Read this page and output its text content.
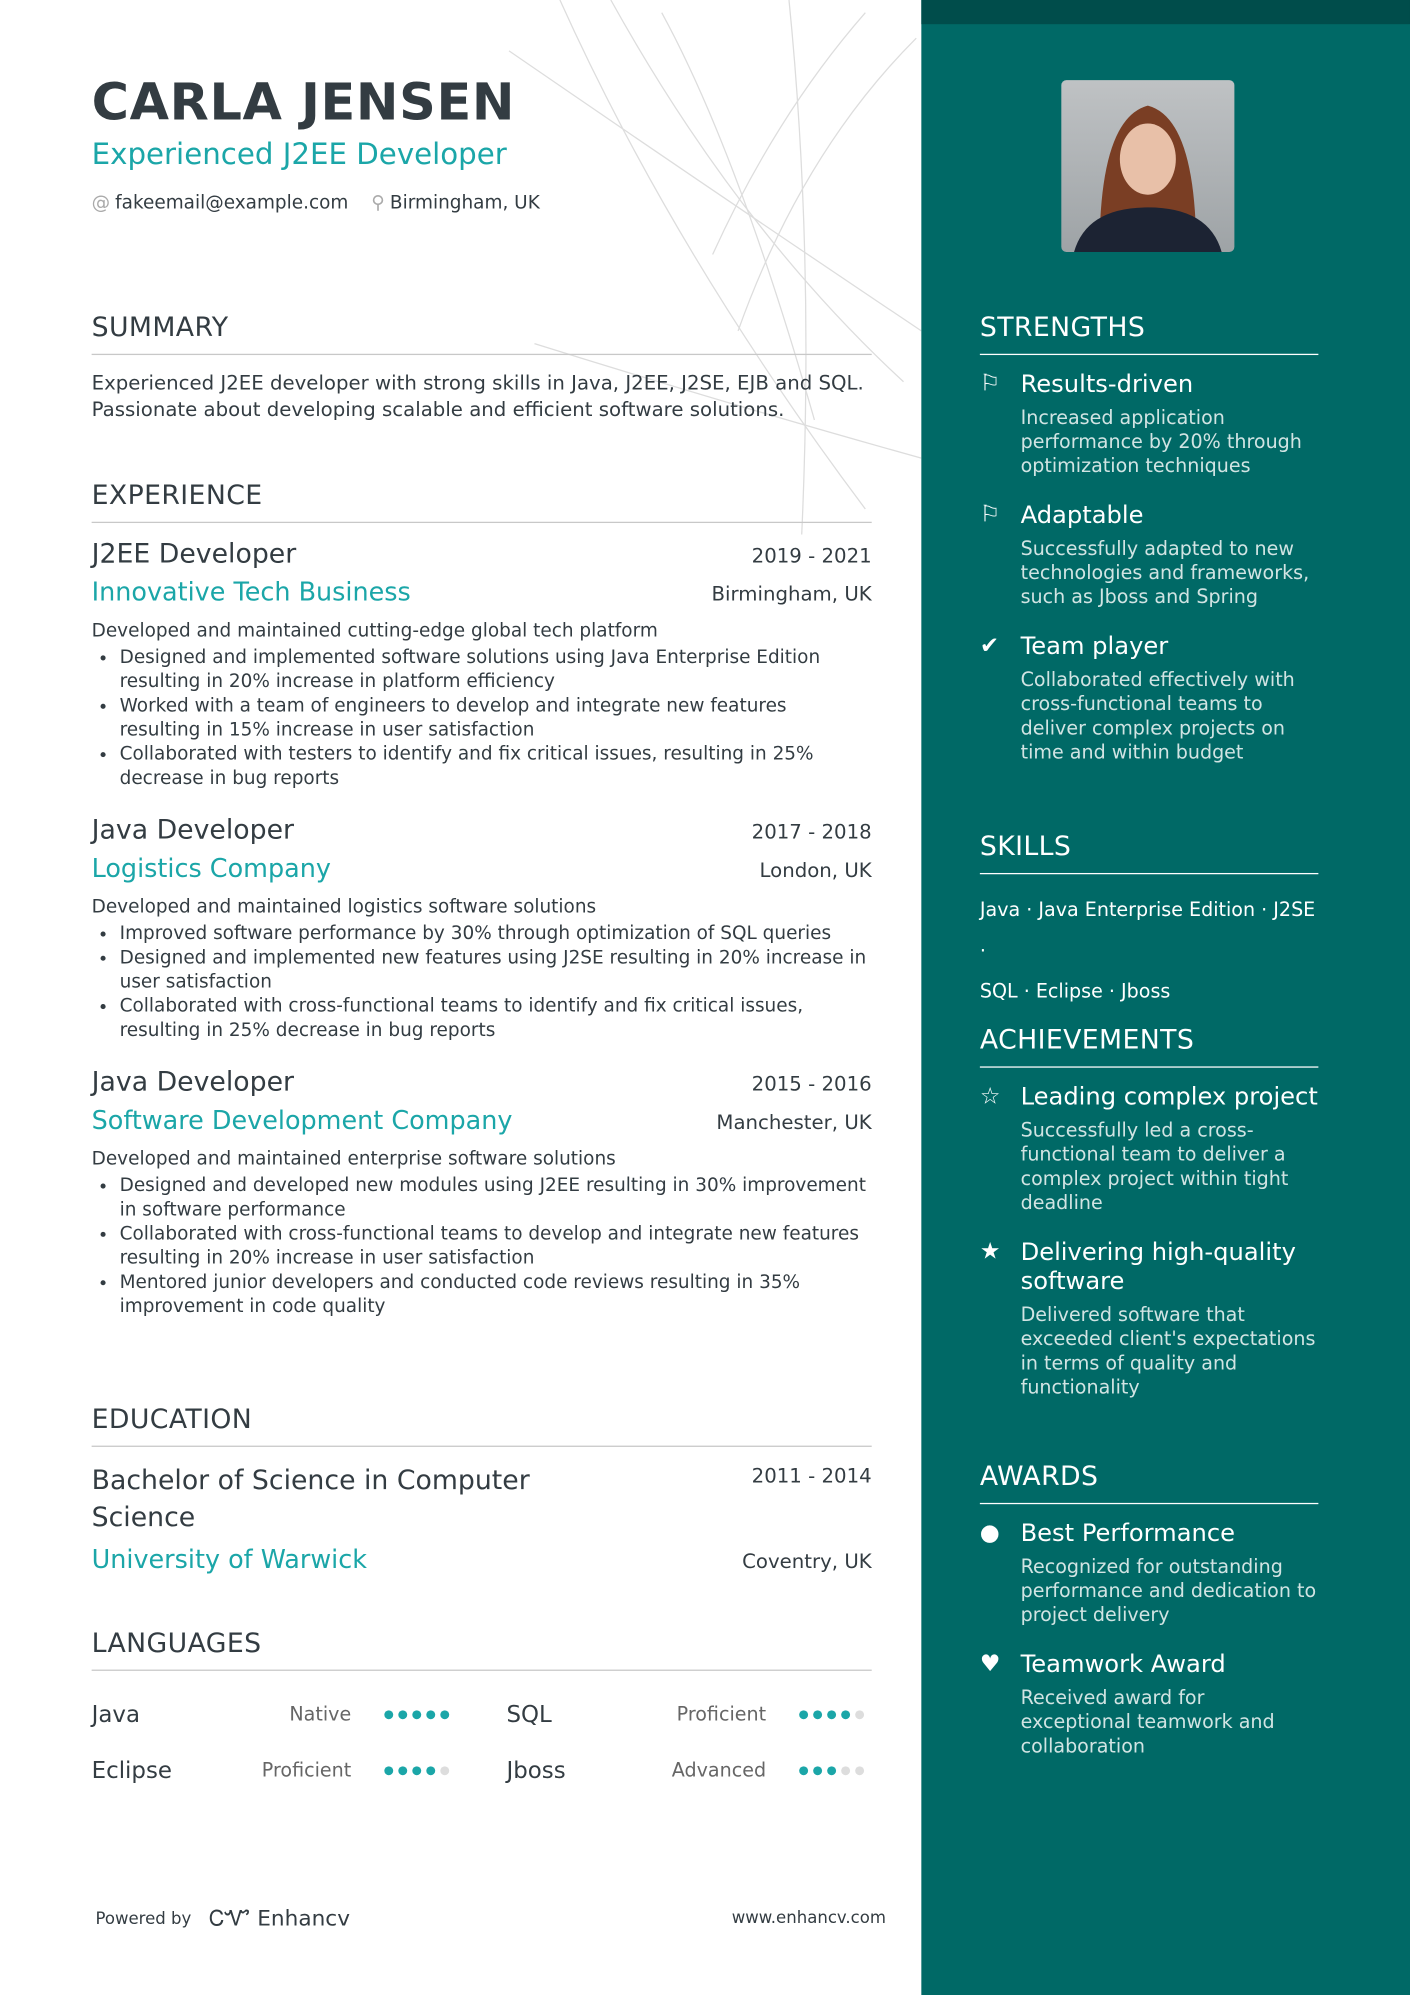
CARLA JENSEN
Experienced J2EE Developer
@ fakeemail@example.com ⚲ Birmingham, UK
SUMMARY
Experienced J2EE developer with strong skills in Java, J2EE, J2SE, EJB and SQL. Passionate about developing scalable and efficient software solutions.
EXPERIENCE
J2EE Developer	2019 - 2021
Innovative Tech Business	Birmingham, UK
Developed and maintained cutting-edge global tech platform
• Designed and implemented software solutions using Java Enterprise Edition resulting in 20% increase in platform efficiency
• Worked with a team of engineers to develop and integrate new features resulting in 15% increase in user satisfaction
• Collaborated with testers to identify and fix critical issues, resulting in 25% decrease in bug reports
Java Developer	2017 - 2018
Logistics Company	London, UK
Developed and maintained logistics software solutions
• Improved software performance by 30% through optimization of SQL queries
• Designed and implemented new features using J2SE resulting in 20% increase in user satisfaction
• Collaborated with cross-functional teams to identify and fix critical issues, resulting in 25% decrease in bug reports
Java Developer	2015 - 2016
Software Development Company	Manchester, UK
Developed and maintained enterprise software solutions
• Designed and developed new modules using J2EE resulting in 30% improvement in software performance
• Collaborated with cross-functional teams to develop and integrate new features resulting in 20% increase in user satisfaction
• Mentored junior developers and conducted code reviews resulting in 35% improvement in code quality
EDUCATION
Bachelor of Science in Computer Science
2011 - 2014
University of Warwick	Coventry, UK
LANGUAGES
Java	Native	SQL	Proficient
Eclipse	Proficient	Jboss	Advanced
Powered by ᏟᏉ Enhancv	www.enhancv.com
STRENGTHS
⚐	Results-driven
Increased application performance by 20% through optimization techniques
⚐	Adaptable
Successfully adapted to new technologies and frameworks, such as Jboss and Spring
✔	Team player
Collaborated effectively with cross-functional teams to deliver complex projects on time and within budget
SKILLS
Java · Java Enterprise Edition · J2SE ·
SQL · Eclipse · Jboss
ACHIEVEMENTS
☆	Leading complex project
Successfully led a cross-functional team to deliver a complex project within tight deadline
★	Delivering high-quality software
Delivered software that exceeded client's expectations in terms of quality and functionality
AWARDS
●	Best Performance
Recognized for outstanding performance and dedication to project delivery
♥	Teamwork Award
Received award for exceptional teamwork and collaboration
